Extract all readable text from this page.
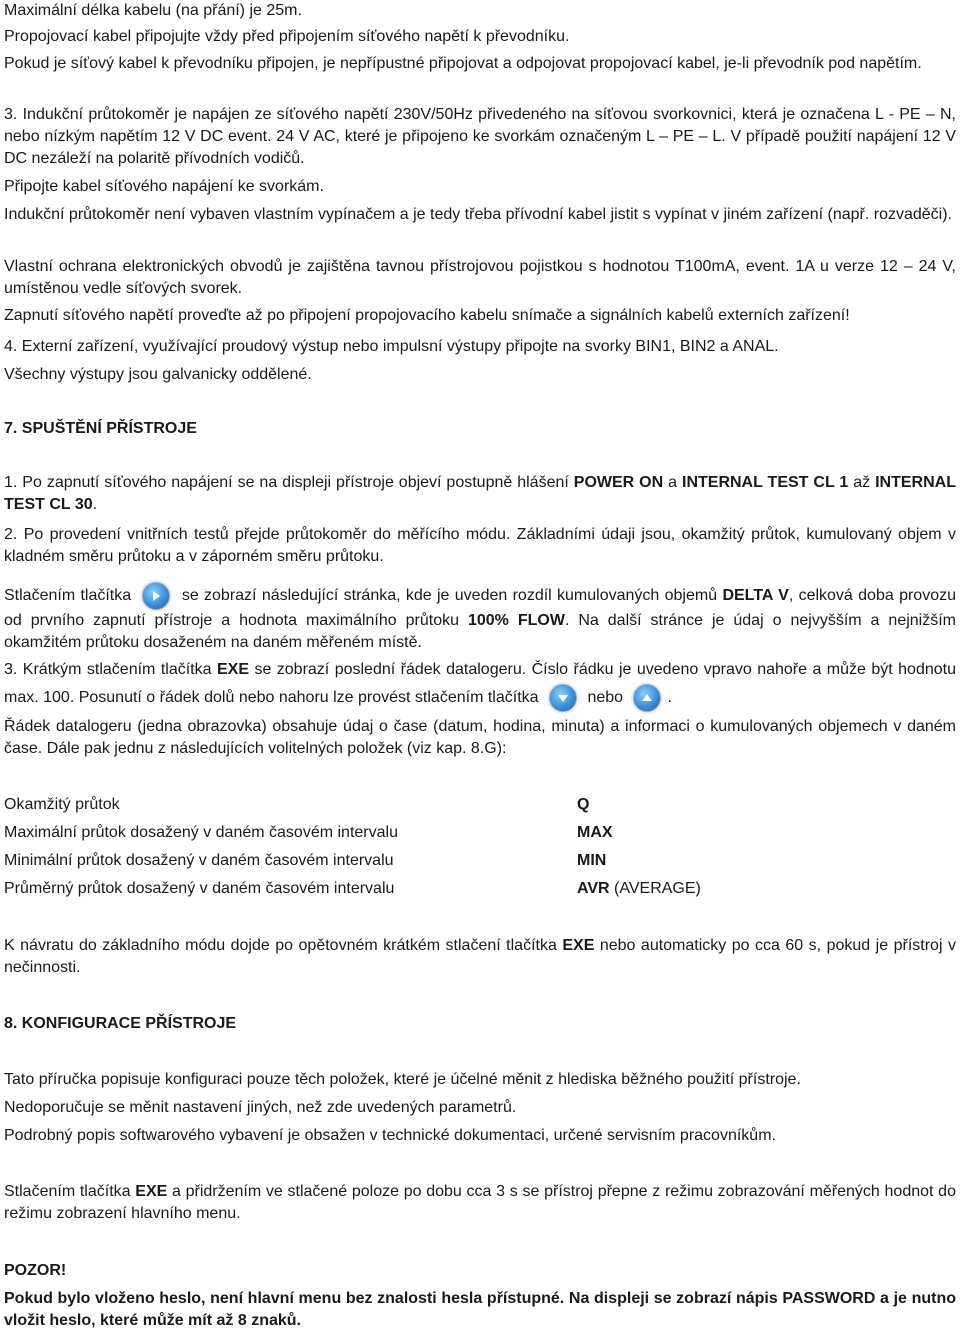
Maximální délka kabelu (na přání) je 25m.

Propojovací kabel připojujte vždy před připojením síťového napětí k převodníku.

Pokud je síťový kabel k převodníku připojen, je nepřípustné připojovat a odpojovat propojovací kabel, je-li převodník pod napětím.

3. Indukční průtokoměr je napájen ze síťového napětí 230V/50Hz přivedeného na síťovou svorkovnici, která je označena L - PE – N, nebo nízkým napětím 12 V DC event. 24 V AC, které je připojeno ke svorkám označeným L – PE – L. V případě použití napájení 12 V DC nezáleží na polaritě přívodních vodičů.

Připojte kabel síťového napájení ke svorkám.

Indukční průtokoměr není vybaven vlastním vypínačem a je tedy třeba přívodní kabel jistit s vypínat v jiném zařízení (např. rozvaděči).

Vlastní ochrana elektronických obvodů je zajištěna tavnou přístrojovou pojistkou s hodnotou T100mA, event. 1A u verze 12 – 24 V, umístěnou vedle síťových svorek.

Zapnutí síťového napětí proveďte až po připojení propojovacího kabelu snímače a signálních kabelů externích zařízení!

4. Externí zařízení, využívající proudový výstup nebo impulsní výstupy připojte na svorky BIN1, BIN2 a ANAL.

Všechny výstupy jsou galvanicky oddělené.

7. SPUŠTĚNÍ PŘÍSTROJE

1. Po zapnutí síťového napájení se na displeji přístroje objeví postupně hlášení POWER ON a INTERNAL TEST CL 1 až INTERNAL TEST CL 30.

2. Po provedení vnitřních testů přejde průtokoměr do měřícího módu. Základními údaji jsou, okamžitý průtok, kumulovaný objem v kladném směru průtoku a v záporném směru průtoku.

Stlačením tlačítka	se zobrazí následující stránka, kde je uveden rozdíl kumulovaných objemů DELTA V, celková doba provozu od prvního zapnutí přístroje a hodnota maximálního průtoku 100% FLOW. Na další stránce je údaj o nejvyšším a nejnižším okamžitém průtoku dosaženém na daném měřeném místě.

3. Krátkým stlačením tlačítka EXE se zobrazí poslední řádek datalogeru. Číslo řádku je uvedeno vpravo nahoře a může být hodnotu max. 100. Posunutí o řádek dolů nebo nahoru lze provést stlačením tlačítka	nebo	.

Řádek datalogeru (jedna obrazovka) obsahuje údaj o čase (datum, hodina, minuta) a informaci o kumulovaných objemech v daném čase. Dále pak jednu z následujících volitelných položek (viz kap. 8.G):

Okamžitý průtok	Q
Maximální průtok dosažený v daném časovém intervalu	MAX
Minimální průtok dosažený v daném časovém intervalu	MIN
Průměrný průtok dosažený v daném časovém intervalu	AVR (AVERAGE)

K návratu do základního módu dojde po opětovném krátkém stlačení tlačítka EXE nebo automaticky po cca 60 s, pokud je přístroj v nečinnosti.

8. KONFIGURACE PŘÍSTROJE

Tato příručka popisuje konfiguraci pouze těch položek, které je účelné měnit z hlediska běžného použití přístroje.

Nedoporučuje se měnit nastavení jiných, než zde uvedených parametrů.

Podrobný popis softwarového vybavení je obsažen v technické dokumentaci, určené servisním pracovníkům.

Stlačením tlačítka EXE a přidržením ve stlačené poloze po dobu cca 3 s se přístroj přepne z režimu zobrazování měřených hodnot do režimu zobrazení hlavního menu.

POZOR!

Pokud bylo vloženo heslo, není hlavní menu bez znalosti hesla přístupné. Na displeji se zobrazí nápis PASSWORD a je nutno vložit heslo, které může mít až 8 znaků.
